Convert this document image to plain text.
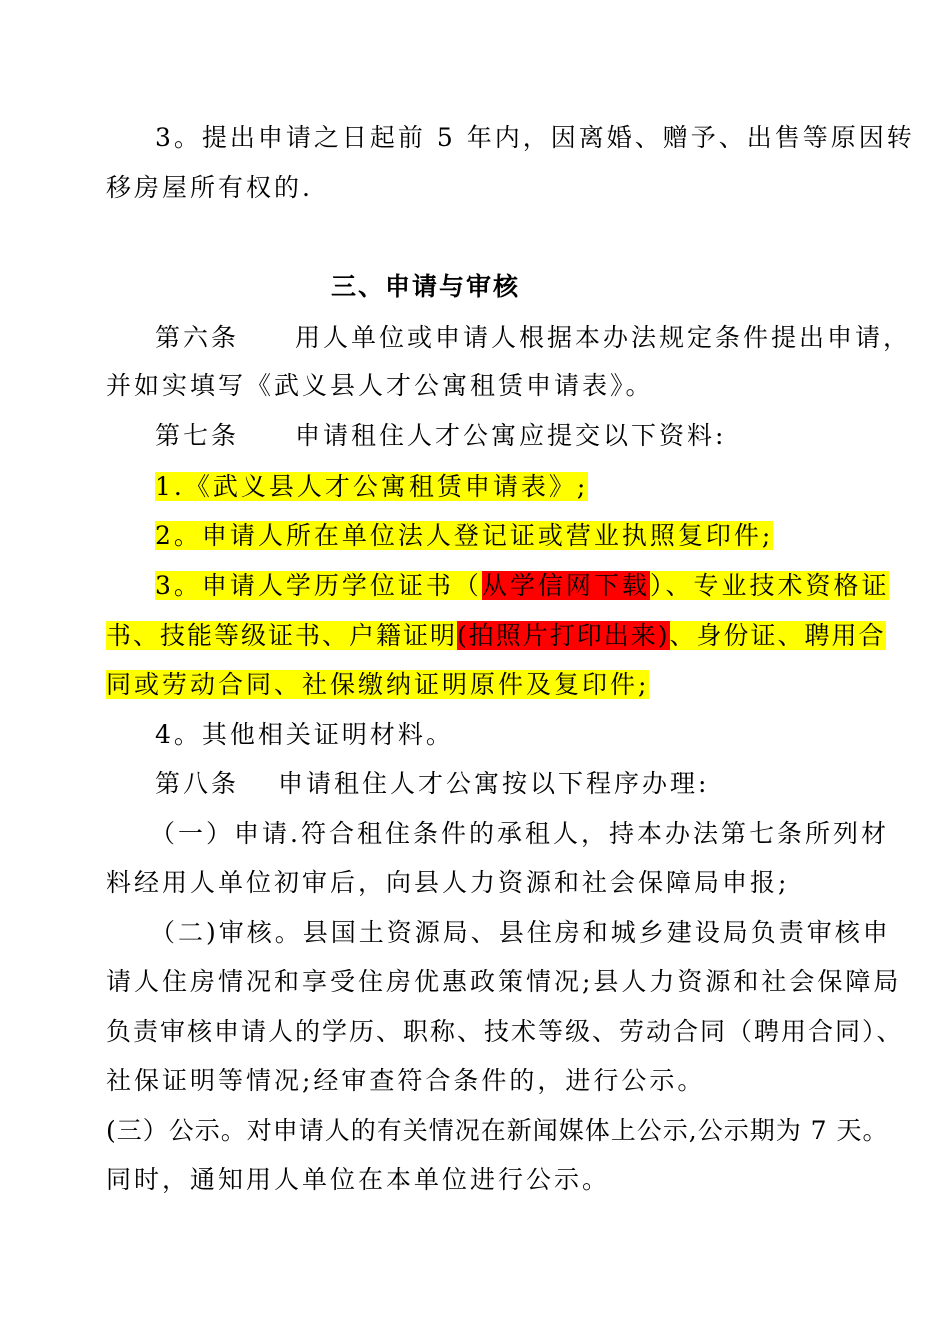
3。提出申请之日起前 5 年内，因离婚、赠予、出售等原因转
移房屋所有权的.
三、申请与审核
第六条　　用人单位或申请人根据本办法规定条件提出申请，
并如实填写《武义县人才公寓租赁申请表》。
第七条　　申请租住人才公寓应提交以下资料:
1.《武义县人才公寓租赁申请表》;
2。申请人所在单位法人登记证或营业执照复印件;
3。申请人学历学位证书（从学信网下载）、专业技术资格证
书、技能等级证书、户籍证明(拍照片打印出来)、身份证、聘用合
同或劳动合同、社保缴纳证明原件及复印件;
4。其他相关证明材料。
第八条　 申请租住人才公寓按以下程序办理:
（一）申请.符合租住条件的承租人，持本办法第七条所列材
料经用人单位初审后，向县人力资源和社会保障局申报;
（二)审核。县国土资源局、县住房和城乡建设局负责审核申
请人住房情况和享受住房优惠政策情况;县人力资源和社会保障局
负责审核申请人的学历、职称、技术等级、劳动合同（聘用合同）、
社保证明等情况;经审查符合条件的，进行公示。
(三）公示。对申请人的有关情况在新闻媒体上公示,公示期为 7 天。
同时，通知用人单位在本单位进行公示。
